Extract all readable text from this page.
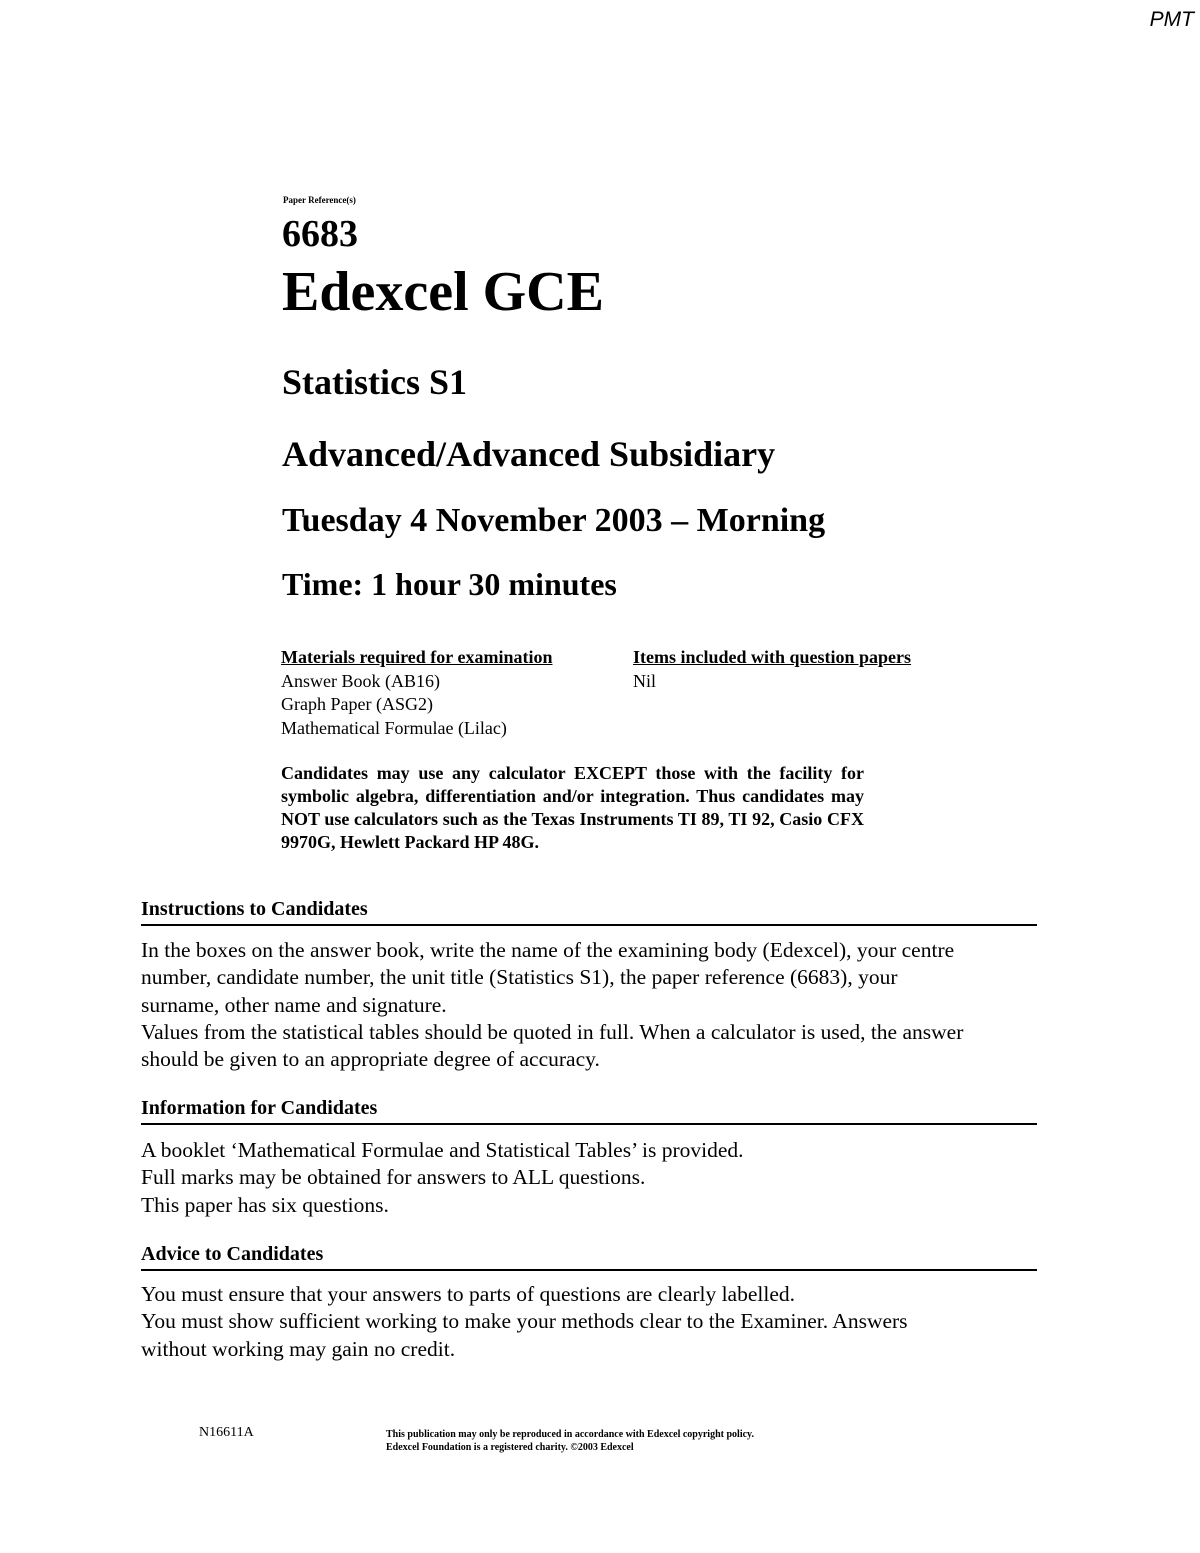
PMT
Paper Reference(s)
6683
Edexcel GCE
Statistics S1
Advanced/Advanced Subsidiary
Tuesday 4 November 2003 – Morning
Time: 1 hour 30 minutes
Materials required for examination
Answer Book (AB16)
Graph Paper (ASG2)
Mathematical Formulae (Lilac)
Items included with question papers
Nil
Candidates may use any calculator EXCEPT those with the facility for symbolic algebra, differentiation and/or integration. Thus candidates may NOT use calculators such as the Texas Instruments TI 89, TI 92, Casio CFX 9970G, Hewlett Packard HP 48G.
Instructions to Candidates
In the boxes on the answer book, write the name of the examining body (Edexcel), your centre
number, candidate number, the unit title (Statistics S1), the paper reference (6683), your
surname, other name and signature.
Values from the statistical tables should be quoted in full. When a calculator is used, the answer
should be given to an appropriate degree of accuracy.
Information for Candidates
A booklet ‘Mathematical Formulae and Statistical Tables’ is provided.
Full marks may be obtained for answers to ALL questions.
This paper has six questions.
Advice to Candidates
You must ensure that your answers to parts of questions are clearly labelled.
You must show sufficient working to make your methods clear to the Examiner. Answers
without working may gain no credit.
N16611A	This publication may only be reproduced in accordance with Edexcel copyright policy.
Edexcel Foundation is a registered charity. ©2003 Edexcel
